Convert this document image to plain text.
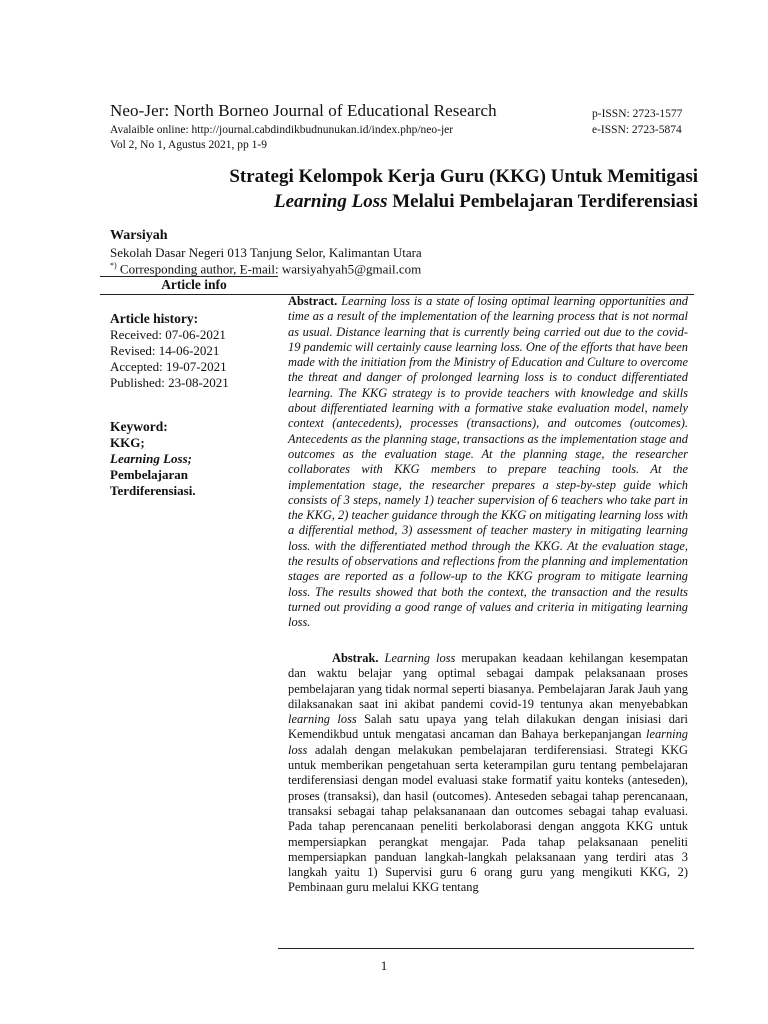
Neo-Jer: North Borneo Journal of Educational Research
Avalaible online: http://journal.cabdindikbudnunukan.id/index.php/neo-jer
Vol 2, No 1, Agustus 2021, pp 1-9
p-ISSN: 2723-1577
e-ISSN: 2723-5874
Strategi Kelompok Kerja Guru (KKG) Untuk Memitigasi
Learning Loss Melalui Pembelajaran Terdiferensiasi
Warsiyah
Sekolah Dasar Negeri 013 Tanjung Selor, Kalimantan Utara
*) Corresponding author, E-mail: warsiyahyah5@gmail.com
Article info
Article history:
Received: 07-06-2021
Revised: 14-06-2021
Accepted: 19-07-2021
Published: 23-08-2021
Keyword:
KKG;
Learning Loss;
Pembelajaran
Terdiferensiasi.
Abstract. Learning loss is a state of losing optimal learning opportunities and time as a result of the implementation of the learning process that is not normal as usual. Distance learning that is currently being carried out due to the covid-19 pandemic will certainly cause learning loss. One of the efforts that have been made with the initiation from the Ministry of Education and Culture to overcome the threat and danger of prolonged learning loss is to conduct differentiated learning. The KKG strategy is to provide teachers with knowledge and skills about differentiated learning with a formative stake evaluation model, namely context (antecedents), processes (transactions), and outcomes (outcomes). Antecedents as the planning stage, transactions as the implementation stage and outcomes as the evaluation stage. At the planning stage, the researcher collaborates with KKG members to prepare teaching tools. At the implementation stage, the researcher prepares a step-by-step guide which consists of 3 steps, namely 1) teacher supervision of 6 teachers who take part in the KKG, 2) teacher guidance through the KKG on mitigating learning loss with a differential method, 3) assessment of teacher mastery in mitigating learning loss. with the differentiated method through the KKG. At the evaluation stage, the results of observations and reflections from the planning and implementation stages are reported as a follow-up to the KKG program to mitigate learning loss. The results showed that both the context, the transaction and the results turned out providing a good range of values and criteria in mitigating learning loss.
Abstrak. Learning loss merupakan keadaan kehilangan kesempatan dan waktu belajar yang optimal sebagai dampak pelaksanaan proses pembelajaran yang tidak normal seperti biasanya. Pembelajaran Jarak Jauh yang dilaksanakan saat ini akibat pandemi covid-19 tentunya akan menyebabkan learning loss Salah satu upaya yang telah dilakukan dengan inisiasi dari Kemendikbud untuk mengatasi ancaman dan Bahaya berkepanjangan learning loss adalah dengan melakukan pembelajaran terdiferensiasi. Strategi KKG untuk memberikan pengetahuan serta keterampilan guru tentang pembelajaran terdiferensiasi dengan model evaluasi stake formatif yaitu konteks (anteseden), proses (transaksi), dan hasil (outcomes). Anteseden sebagai tahap perencanaan, transaksi sebagai tahap pelaksananaan dan outcomes sebagai tahap evaluasi. Pada tahap perencanaan peneliti berkolaborasi dengan anggota KKG untuk mempersiapkan perangkat mengajar. Pada tahap pelaksanaan peneliti mempersiapkan panduan langkah-langkah pelaksanaan yang terdiri atas 3 langkah yaitu 1) Supervisi guru 6 orang guru yang mengikuti KKG, 2) Pembinaan guru melalui KKG tentang
1
